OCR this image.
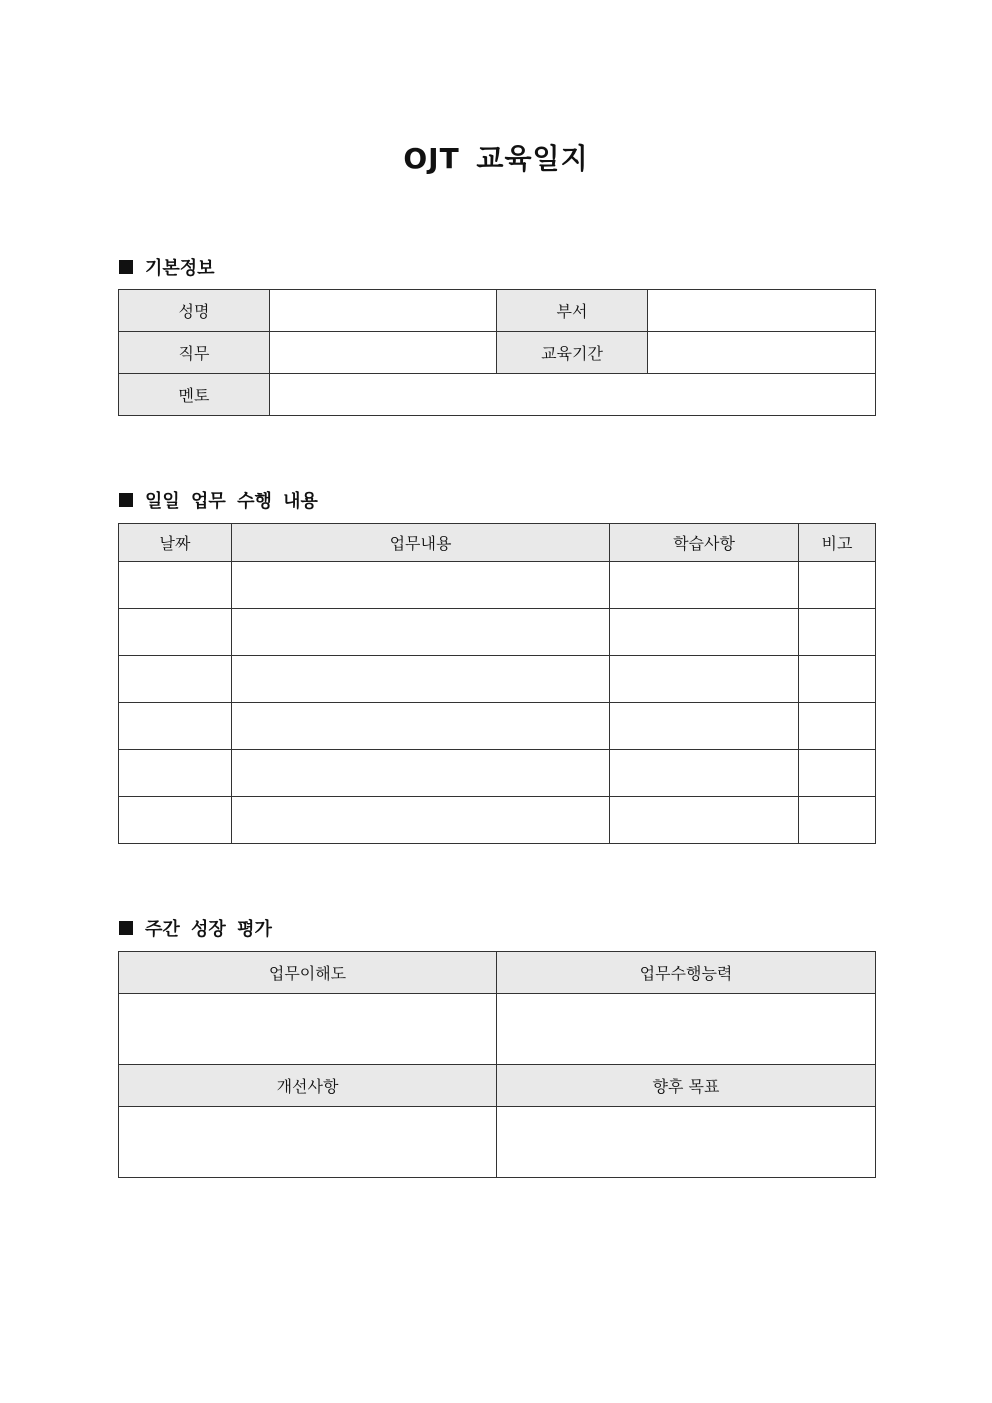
OJT 교육일지
기본정보
성명		부서	
직무		교육기간	
멘토			
일일 업무 수행 내용
날짜	업무내용	학습사항	비고

주간 성장 평가
업무이해도	업무수행능력

개선사항	향후 목표
